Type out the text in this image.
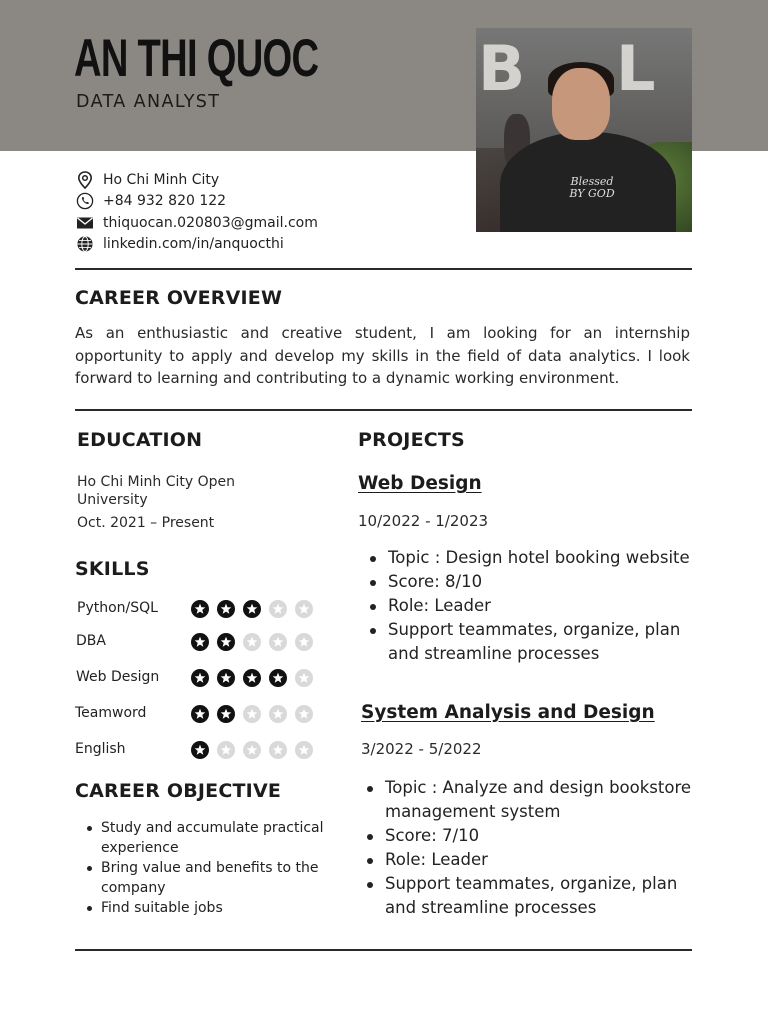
AN THI QUOC
DATA ANALYST	B L
Blessed
BY GOD
Ho Chi Minh City
+84 932 820 122
thiquocan.020803@gmail.com
linkedin.com/in/anquocthi
CAREER OVERVIEW
As an enthusiastic and creative student, I am looking for an internship opportunity to apply and develop my skills in the field of data analytics. I look forward to learning and contributing to a dynamic working environment.
EDUCATION
Ho Chi Minh City Open University
Oct. 2021 – Present
SKILLS
Python/SQL
DBA
Web Design
Teamword
English
CAREER OBJECTIVE
Study and accumulate practical experience
Bring value and benefits to the company
Find suitable jobs
PROJECTS
Web Design
10/2022 - 1/2023
Topic : Design hotel booking website
Score: 8/10
Role: Leader
Support teammates, organize, plan and streamline processes
System Analysis and Design
3/2022 - 5/2022
Topic : Analyze and design bookstore management system
Score: 7/10
Role: Leader
Support teammates, organize, plan and streamline processes
